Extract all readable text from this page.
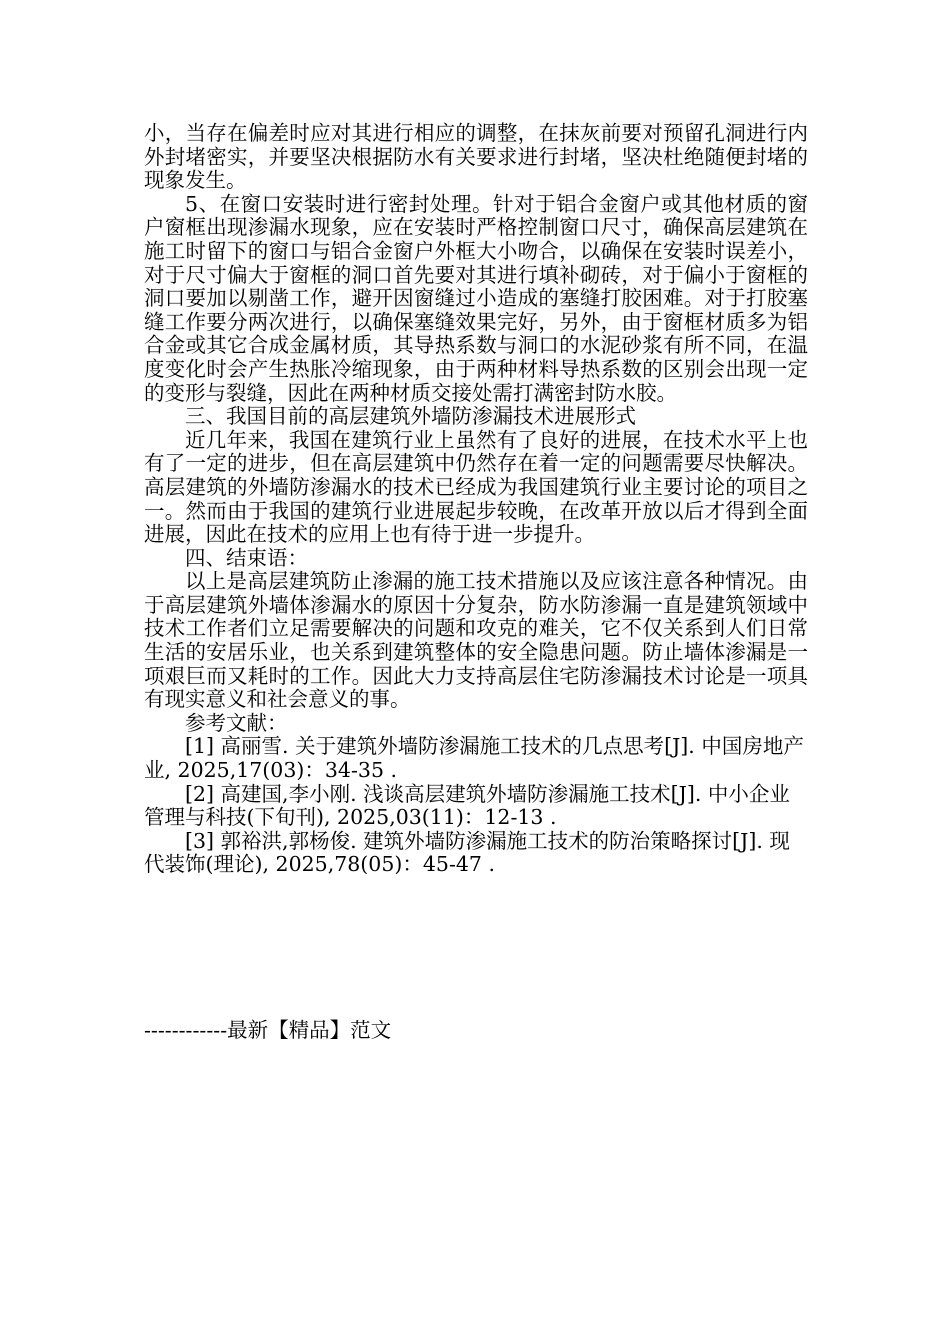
小，当存在偏差时应对其进行相应的调整，在抹灰前要对预留孔洞进行内外封堵密实，并要坚决根据防水有关要求进行封堵，坚决杜绝随便封堵的现象发生。

5、在窗口安装时进行密封处理。针对于铝合金窗户或其他材质的窗户窗框出现渗漏水现象，应在安装时严格控制窗口尺寸，确保高层建筑在施工时留下的窗口与铝合金窗户外框大小吻合，以确保在安装时误差小，对于尺寸偏大于窗框的洞口首先要对其进行填补砌砖，对于偏小于窗框的洞口要加以剔凿工作，避开因窗缝过小造成的塞缝打胶困难。对于打胶塞缝工作要分两次进行，以确保塞缝效果完好，另外，由于窗框材质多为铝合金或其它合成金属材质，其导热系数与洞口的水泥砂浆有所不同，在温度变化时会产生热胀冷缩现象，由于两种材料导热系数的区别会出现一定的变形与裂缝，因此在两种材质交接处需打满密封防水胶。

三、我国目前的高层建筑外墙防渗漏技术进展形式

近几年来，我国在建筑行业上虽然有了良好的进展，在技术水平上也有了一定的进步，但在高层建筑中仍然存在着一定的问题需要尽快解决。高层建筑的外墙防渗漏水的技术已经成为我国建筑行业主要讨论的项目之一。然而由于我国的建筑行业进展起步较晚，在改革开放以后才得到全面进展，因此在技术的应用上也有待于进一步提升。

四、结束语：

以上是高层建筑防止渗漏的施工技术措施以及应该注意各种情况。由于高层建筑外墙体渗漏水的原因十分复杂，防水防渗漏一直是建筑领域中技术工作者们立足需要解决的问题和攻克的难关，它不仅关系到人们日常生活的安居乐业，也关系到建筑整体的安全隐患问题。防止墙体渗漏是一项艰巨而又耗时的工作。因此大力支持高层住宅防渗漏技术讨论是一项具有现实意义和社会意义的事。

参考文献：

[1] 高丽雪. 关于建筑外墙防渗漏施工技术的几点思考[J]. 中国房地产业, 2025,17(03)：34-35 .

[2] 高建国,李小刚. 浅谈高层建筑外墙防渗漏施工技术[J]. 中小企业管理与科技(下旬刊), 2025,03(11)：12-13 .

[3] 郭裕洪,郭杨俊. 建筑外墙防渗漏施工技术的防治策略探讨[J]. 现代装饰(理论), 2025,78(05)：45-47 .

------------最新【精品】范文
